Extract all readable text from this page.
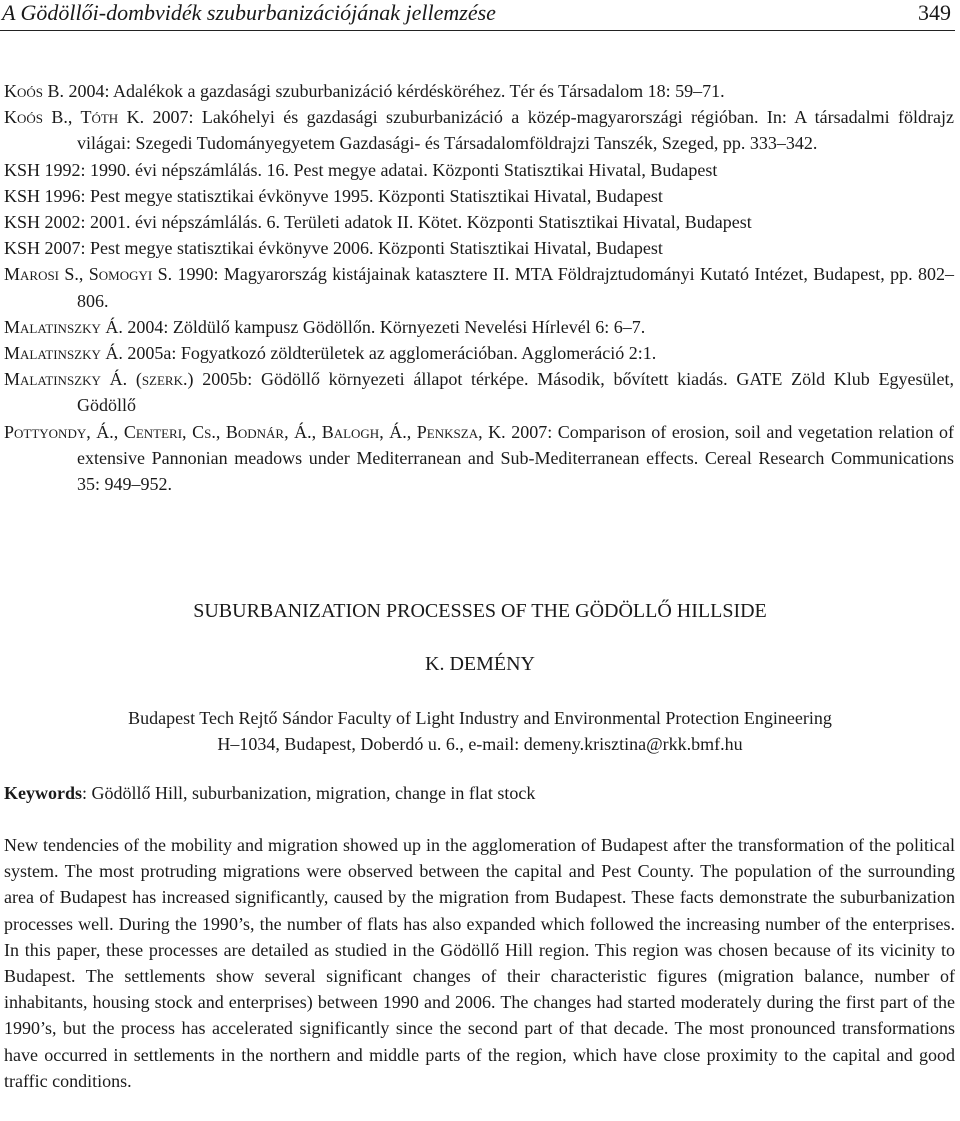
A Gödöllői-dombvidék szuburbanizációjának jellemzése	349

Koós B. 2004: Adalékok a gazdasági szuburbanizáció kérdésköréhez. Tér és Társadalom 18: 59–71.

Koós B., Tóth K. 2007: Lakóhelyi és gazdasági szuburbanizáció a közép-magyarországi régióban. In: A társadalmi földrajz világai: Szegedi Tudományegyetem Gazdasági- és Társadalomföldrajzi Tanszék, Szeged, pp. 333–342.

KSH 1992: 1990. évi népszámlálás. 16. Pest megye adatai. Központi Statisztikai Hivatal, Budapest

KSH 1996: Pest megye statisztikai évkönyve 1995. Központi Statisztikai Hivatal, Budapest

KSH 2002: 2001. évi népszámlálás. 6. Területi adatok II. Kötet. Központi Statisztikai Hivatal, Budapest

KSH 2007: Pest megye statisztikai évkönyve 2006. Központi Statisztikai Hivatal, Budapest

Marosi S., Somogyi S. 1990: Magyarország kistájainak katasztere II. MTA Földrajztudományi Kutató Intézet, Budapest, pp. 802–806.

Malatinszky Á. 2004: Zöldülő kampusz Gödöllőn. Környezeti Nevelési Hírlevél 6: 6–7.

Malatinszky Á. 2005a: Fogyatkozó zöldterületek az agglomerációban. Agglomeráció 2:1.

Malatinszky Á. (szerk.) 2005b: Gödöllő környezeti állapot térképe. Második, bővített kiadás. GATE Zöld Klub Egyesület, Gödöllő

Pottyondy, Á., Centeri, Cs., Bodnár, Á., Balogh, Á., Penksza, K. 2007: Comparison of erosion, soil and vegetation relation of extensive Pannonian meadows under Mediterranean and Sub-Mediterranean effects. Cereal Research Communications 35: 949–952.

SUBURBANIZATION PROCESSES OF THE GÖDÖLLŐ HILLSIDE
K. DEMÉNY
Budapest Tech Rejtő Sándor Faculty of Light Industry and Environmental Protection Engineering
H–1034, Budapest, Doberdó u. 6., e-mail: demeny.krisztina@rkk.bmf.hu
Keywords: Gödöllő Hill, suburbanization, migration, change in flat stock

New tendencies of the mobility and migration showed up in the agglomeration of Budapest after the transformation of the political system. The most protruding migrations were observed between the capital and Pest County. The population of the surrounding area of Budapest has increased significantly, caused by the migration from Budapest. These facts demonstrate the suburbanization processes well. During the 1990’s, the number of flats has also expanded which followed the increasing number of the enterprises. In this paper, these processes are detailed as studied in the Gödöllő Hill region. This region was chosen because of its vicinity to Budapest. The settlements show several significant changes of their characteristic figures (migration balance, number of inhabitants, housing stock and enterprises) between 1990 and 2006. The changes had started moderately during the first part of the 1990’s, but the process has accelerated significantly since the second part of that decade. The most pronounced transformations have occurred in settlements in the northern and middle parts of the region, which have close proximity to the capital and good traffic conditions.
